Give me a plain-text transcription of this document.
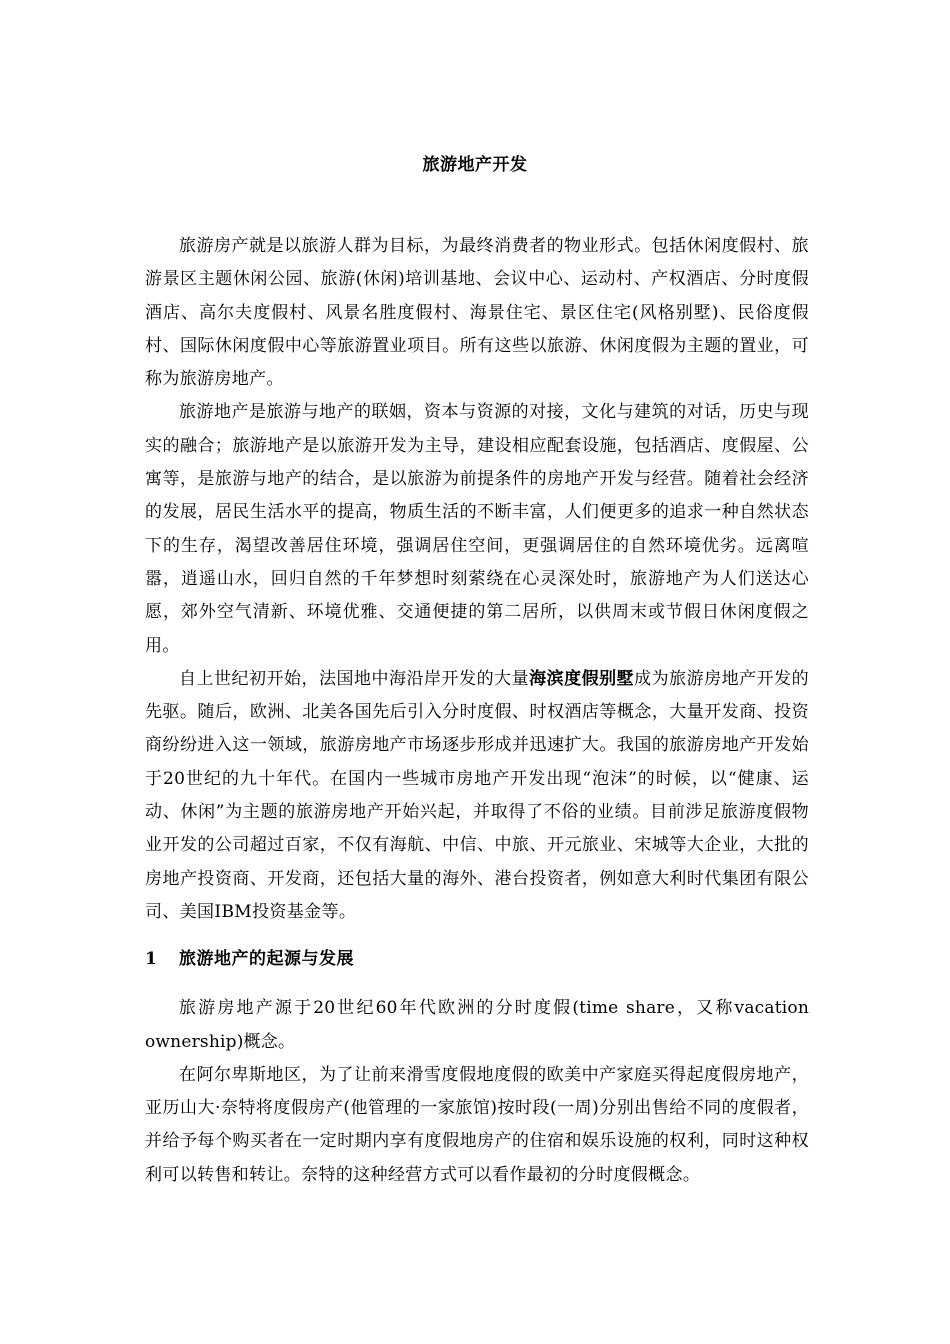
旅游地产开发

旅游房产就是以旅游人群为目标，为最终消费者的物业形式。包括休闲度假村、旅游景区主题休闲公园、旅游(休闲)培训基地、会议中心、运动村、产权酒店、分时度假酒店、高尔夫度假村、风景名胜度假村、海景住宅、景区住宅(风格别墅)、民俗度假村、国际休闲度假中心等旅游置业项目。所有这些以旅游、休闲度假为主题的置业，可称为旅游房地产。

旅游地产是旅游与地产的联姻，资本与资源的对接，文化与建筑的对话，历史与现实的融合；旅游地产是以旅游开发为主导，建设相应配套设施，包括酒店、度假屋、公寓等，是旅游与地产的结合，是以旅游为前提条件的房地产开发与经营。随着社会经济的发展，居民生活水平的提高，物质生活的不断丰富，人们便更多的追求一种自然状态下的生存，渴望改善居住环境，强调居住空间，更强调居住的自然环境优劣。远离喧嚣，逍遥山水，回归自然的千年梦想时刻萦绕在心灵深处时，旅游地产为人们送达心愿，郊外空气清新、环境优雅、交通便捷的第二居所，以供周末或节假日休闲度假之用。

自上世纪初开始，法国地中海沿岸开发的大量海滨度假别墅成为旅游房地产开发的先驱。随后，欧洲、北美各国先后引入分时度假、时权酒店等概念，大量开发商、投资商纷纷进入这一领域，旅游房地产市场逐步形成并迅速扩大。我国的旅游房地产开发始于20世纪的九十年代。在国内一些城市房地产开发出现“泡沫”的时候，以“健康、运动、休闲”为主题的旅游房地产开始兴起，并取得了不俗的业绩。目前涉足旅游度假物业开发的公司超过百家，不仅有海航、中信、中旅、开元旅业、宋城等大企业，大批的房地产投资商、开发商，还包括大量的海外、港台投资者，例如意大利时代集团有限公司、美国IBM投资基金等。

1 旅游地产的起源与发展

旅游房地产源于20世纪60年代欧洲的分时度假(time share，又称vacation ownership)概念。

在阿尔卑斯地区，为了让前来滑雪度假地度假的欧美中产家庭买得起度假房地产，亚历山大·奈特将度假房产(他管理的一家旅馆)按时段(一周)分别出售给不同的度假者，并给予每个购买者在一定时期内享有度假地房产的住宿和娱乐设施的权利，同时这种权利可以转售和转让。奈特的这种经营方式可以看作最初的分时度假概念。
